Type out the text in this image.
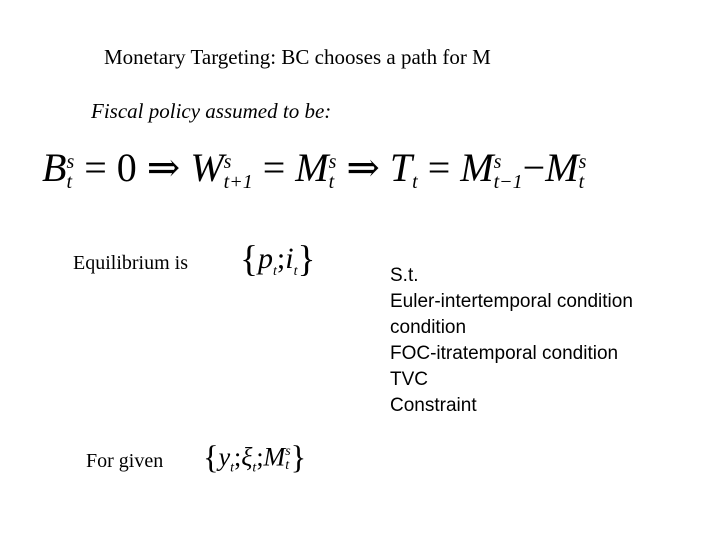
Monetary Targeting: BC chooses a path for M
Fiscal policy assumed to be:
B s
t = 0 ⇒ W s
t+1 = M s
t ⇒ T
t = M s
t−1 −M s
t
Equilibrium is $\{p_t;i_t\}$	S.t.
Euler-intertemporal condition
condition
FOC-itratemporal condition
TVC
Constraint
For given {$y_t;\xi_t;M$ s
t }
